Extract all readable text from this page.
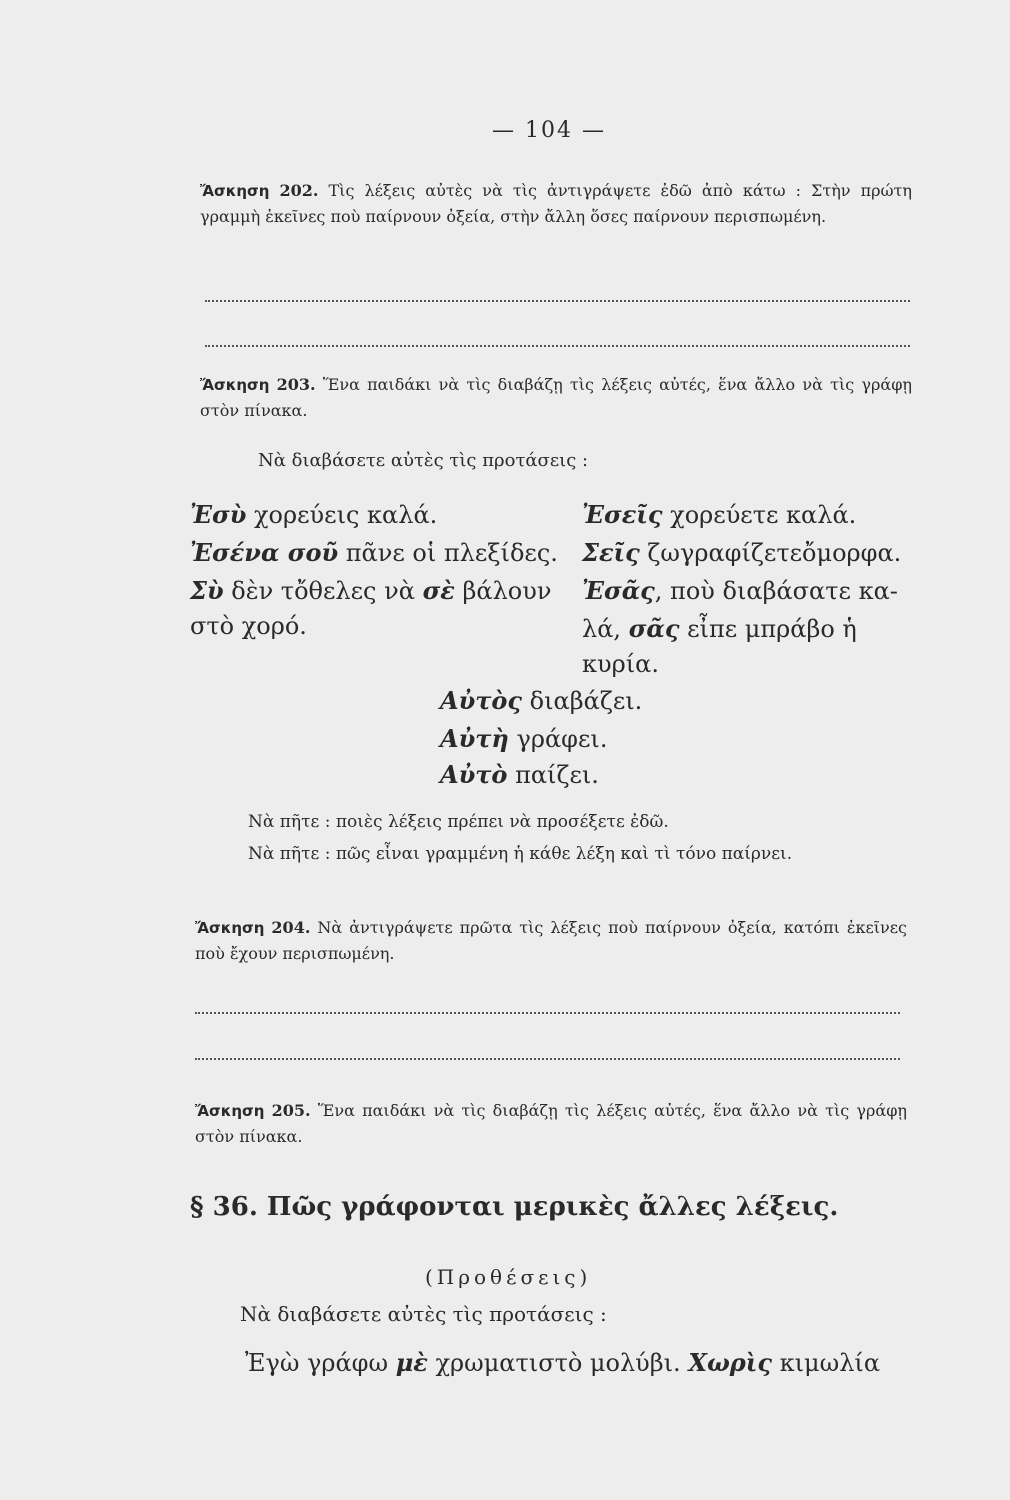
— 104 —
Ἄσκηση 202. Τὶς λέξεις αὐτὲς νὰ τὶς ἀντιγράψετε ἐδῶ ἀπὸ κάτω : Στὴν πρώτη γραμμὴ ἐκεῖνες ποὺ παίρνουν ὀξεία, στὴν ἄλλη ὅσες παίρνουν περισπωμένη.
Ἄσκηση 203. Ἕνα παιδάκι νὰ τὶς διαβάζῃ τὶς λέξεις αὐτές, ἕνα ἄλλο νὰ τὶς γράφῃ στὸν πίνακα.
Νὰ διαβάσετε αὐτὲς τὶς προτάσεις :
Ἐσὺ χορεύεις καλά.
Ἐσένα σοῦ πᾶνε οἱ πλεξίδες.
Σὺ δὲν τὄθελες νὰ σὲ βάλουν
στὸ χορό.
Ἐσεῖς χορεύετε καλά.
Σεῖς ζωγραφίζετεὄμορφα.
Ἐσᾶς, ποὺ διαβάσατε κα-
λά, σᾶς εἶπε μπράβο ἡ
κυρία.
Αὐτὸς διαβάζει.
Αὐτὴ γράφει.
Αὐτὸ παίζει.
Νὰ πῆτε : ποιὲς λέξεις πρέπει νὰ προσέξετε ἐδῶ.
Νὰ πῆτε : πῶς εἶναι γραμμένη ἡ κάθε λέξη καὶ τὶ τόνο παίρνει.
Ἄσκηση 204. Νὰ ἀντιγράψετε πρῶτα τὶς λέξεις ποὺ παίρνουν ὀξεία, κατόπι ἐκεῖνες ποὺ ἔχουν περισπωμένη.
Ἄσκηση 205. Ἕνα παιδάκι νὰ τὶς διαβάζῃ τὶς λέξεις αὐτές, ἕνα ἄλλο νὰ τὶς γράφῃ στὸν πίνακα.
§ 36. Πῶς γράφονται μερικὲς ἄλλες λέξεις.
(Προθέσεις)
Νὰ διαβάσετε αὐτὲς τὶς προτάσεις :
Ἐγὼ γράφω μὲ χρωματιστὸ μολύβι. Χωρὶς κιμωλία
